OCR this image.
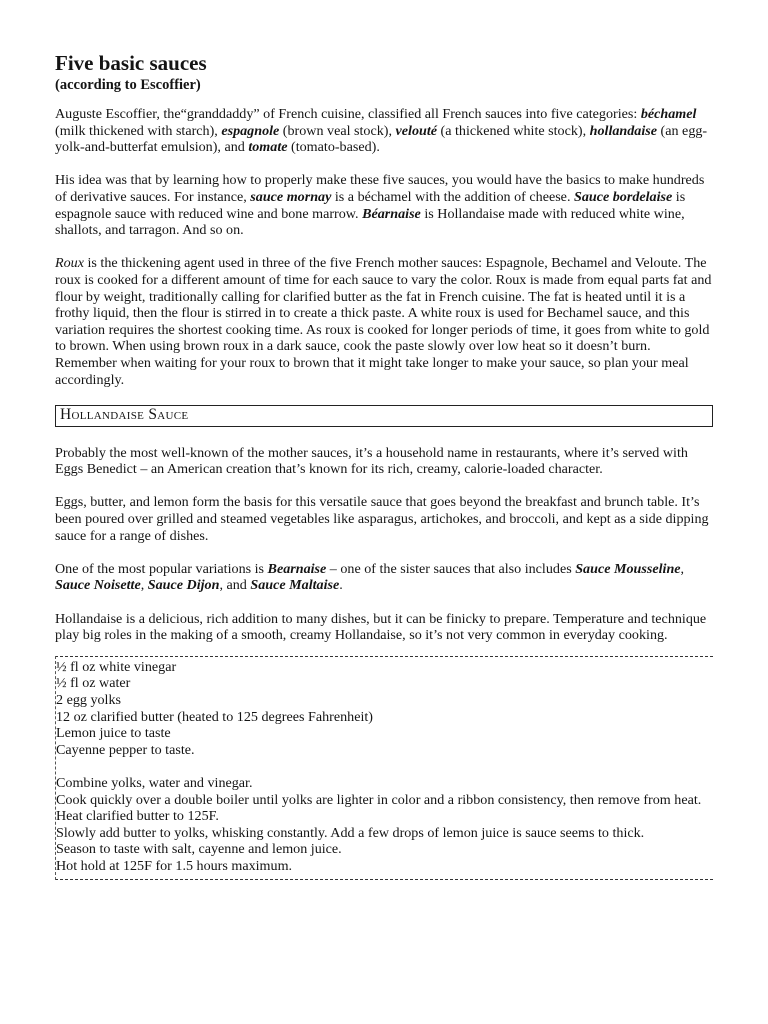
Five basic sauces
(according to Escoffier)

Auguste Escoffier, the“granddaddy” of French cuisine, classified all French sauces into five categories: béchamel (milk thickened with starch), espagnole (brown veal stock), velouté (a thickened white stock), hollandaise (an egg-yolk-and-butterfat emulsion), and tomate (tomato-based).

His idea was that by learning how to properly make these five sauces, you would have the basics to make hundreds of derivative sauces. For instance, sauce mornay is a béchamel with the addition of cheese. Sauce bordelaise is espagnole sauce with reduced wine and bone marrow. Béarnaise is Hollandaise made with reduced white wine, shallots, and tarragon. And so on.

Roux is the thickening agent used in three of the five French mother sauces: Espagnole, Bechamel and Veloute. The roux is cooked for a different amount of time for each sauce to vary the color. Roux is made from equal parts fat and flour by weight, traditionally calling for clarified butter as the fat in French cuisine. The fat is heated until it is a frothy liquid, then the flour is stirred in to create a thick paste. A white roux is used for Bechamel sauce, and this variation requires the shortest cooking time. As roux is cooked for longer periods of time, it goes from white to gold to brown. When using brown roux in a dark sauce, cook the paste slowly over low heat so it doesn’t burn. Remember when waiting for your roux to brown that it might take longer to make your sauce, so plan your meal accordingly.

Hollandaise Sauce

Probably the most well-known of the mother sauces, it’s a household name in restaurants, where it’s served with Eggs Benedict – an American creation that’s known for its rich, creamy, calorie-loaded character.

Eggs, butter, and lemon form the basis for this versatile sauce that goes beyond the breakfast and brunch table. It’s been poured over grilled and steamed vegetables like asparagus, artichokes, and broccoli, and kept as a side dipping sauce for a range of dishes.

One of the most popular variations is Bearnaise – one of the sister sauces that also includes Sauce Mousseline, Sauce Noisette, Sauce Dijon, and Sauce Maltaise.

Hollandaise is a delicious, rich addition to many dishes, but it can be finicky to prepare. Temperature and technique play big roles in the making of a smooth, creamy Hollandaise, so it’s not very common in everyday cooking.

½ fl oz white vinegar
½ fl oz water
2 egg yolks
12 oz clarified butter (heated to 125 degrees Fahrenheit)
Lemon juice to taste
Cayenne pepper to taste.
Combine yolks, water and vinegar.
Cook quickly over a double boiler until yolks are lighter in color and a ribbon consistency, then remove from heat.
Heat clarified butter to 125F.
Slowly add butter to yolks, whisking constantly. Add a few drops of lemon juice is sauce seems to thick.
Season to taste with salt, cayenne and lemon juice.
Hot hold at 125F for 1.5 hours maximum.
